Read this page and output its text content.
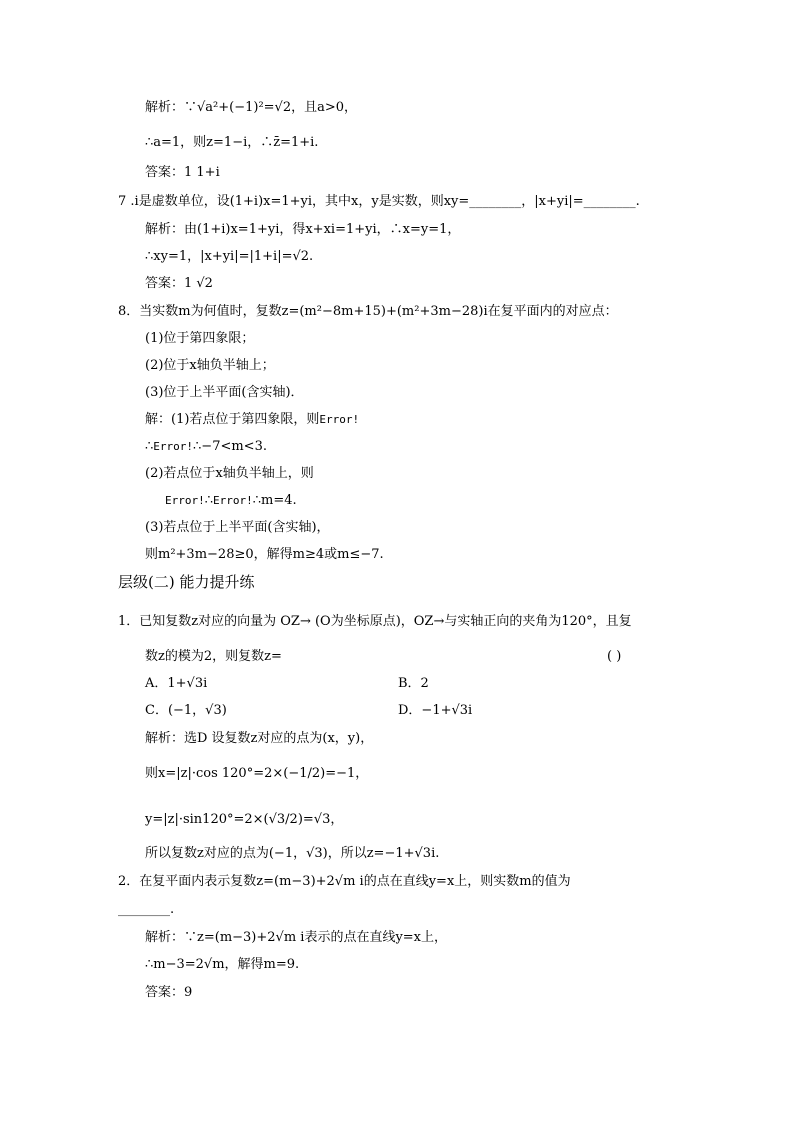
解析：∵√a²+(−1)²=√2，且a>0，
∴a=1，则z=1−i，∴z̄=1+i.
答案：1 1+i
7 .i是虚数单位，设(1+i)x=1+yi，其中x，y是实数，则xy=________，|x+yi|=________.
解析：由(1+i)x=1+yi，得x+xi=1+yi，∴x=y=1，
∴xy=1，|x+yi|=|1+i|=√2.
答案：1 √2
8．当实数m为何值时，复数z=(m²−8m+15)+(m²+3m−28)i在复平面内的对应点：
(1)位于第四象限；
(2)位于x轴负半轴上；
(3)位于上半平面(含实轴)．
解：(1)若点位于第四象限，则Error!
∴Error!∴−7<m<3.
(2)若点位于x轴负半轴上，则
Error!∴Error!∴m=4.
(3)若点位于上半平面(含实轴)，
则m²+3m−28≥0，解得m≥4或m≤−7.
层级(二) 能力提升练
1．已知复数z对应的向量为 OZ→ (O为坐标原点)，OZ→与实轴正向的夹角为120°，且复
数z的模为2，则复数z=	( )
A．1+√3i	B．2
C．(−1，√3)	D．−1+√3i
解析：选D 设复数z对应的点为(x，y)，
则x=|z|·cos 120°=2×(−1/2)=−1，
y=|z|·sin120°=2×(√3/2)=√3，
所以复数z对应的点为(−1，√3)，所以z=−1+√3i.
2．在复平面内表示复数z=(m−3)+2√m i的点在直线y=x上，则实数m的值为
________.
解析：∵z=(m−3)+2√m i表示的点在直线y=x上，
∴m−3=2√m，解得m=9.
答案：9
